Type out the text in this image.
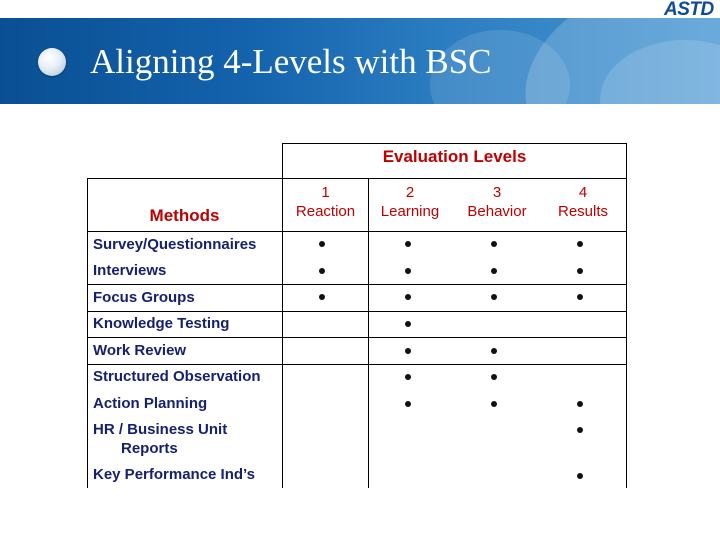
ASTD
Aligning 4-Levels with BSC
Evaluation Levels
Methods
1
Reaction
2
Learning
3
Behavior
4
Results
Survey/Questionnaires
Interviews
Focus Groups
Knowledge Testing
Work Review
Structured Observation
Action Planning
HR / Business Unit
Reports
Key Performance Ind’s
